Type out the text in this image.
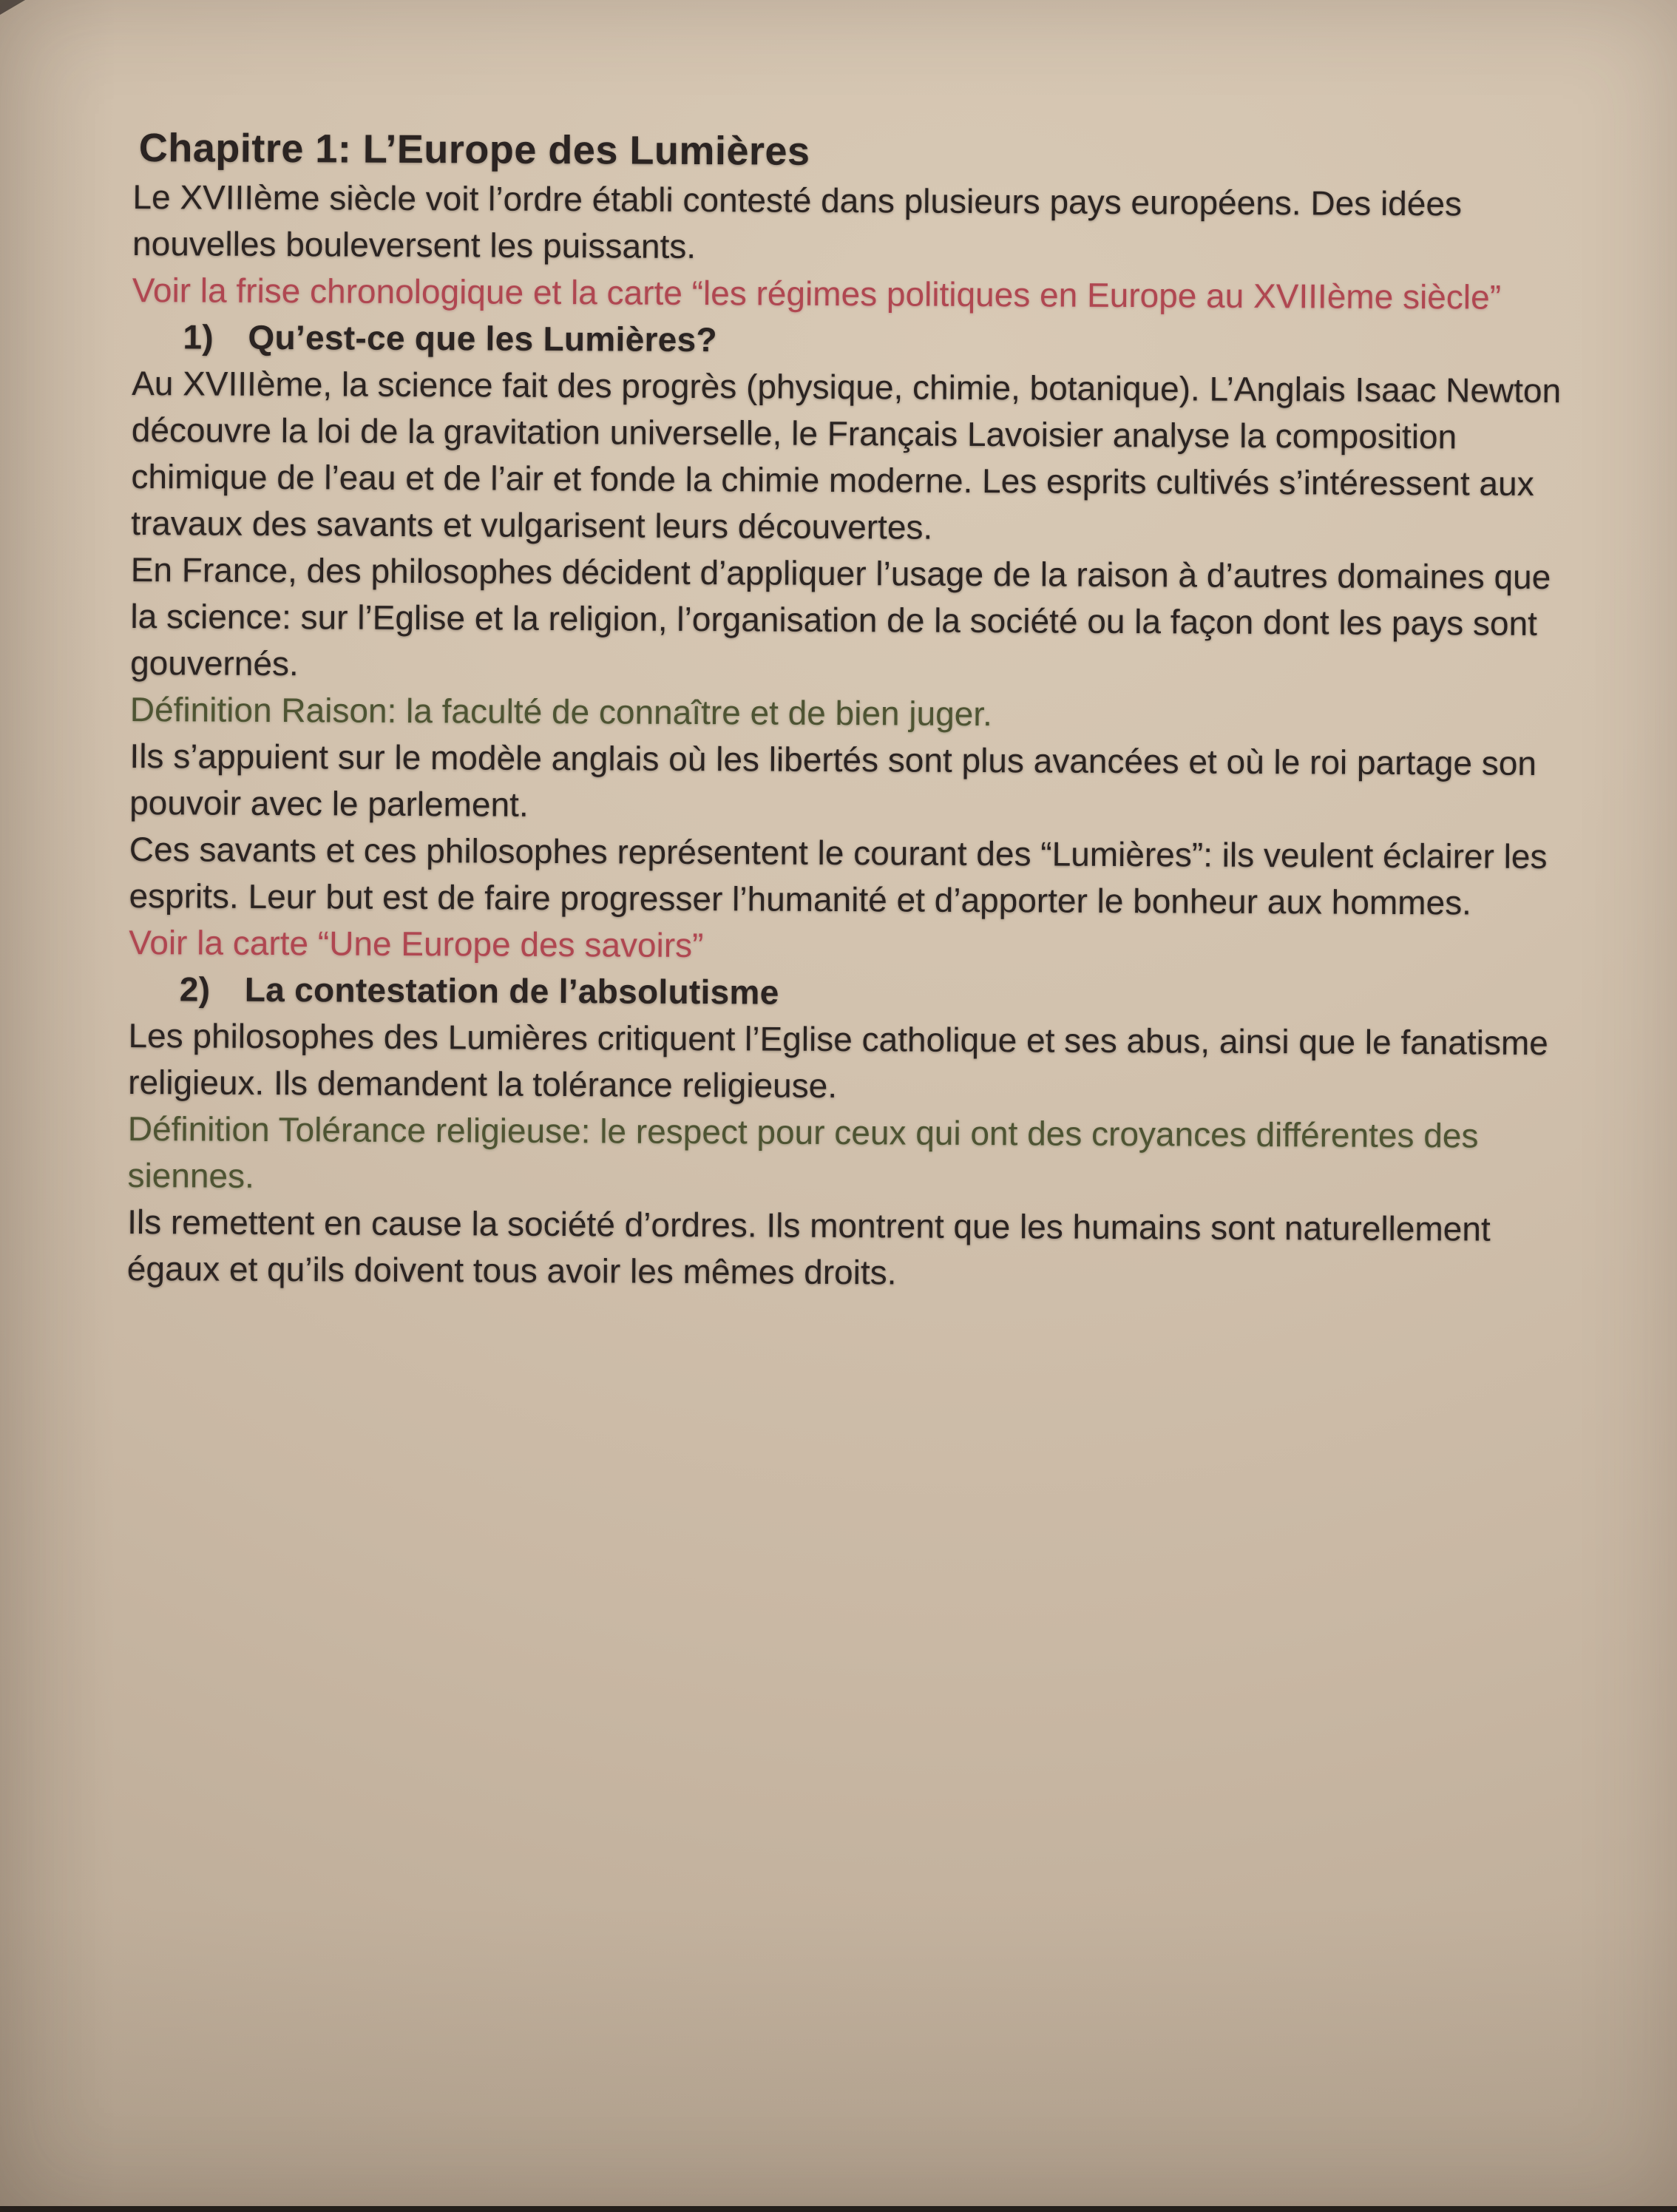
Chapitre 1: L’Europe des Lumières
Le XVIIIème siècle voit l’ordre établi contesté dans plusieurs pays européens. Des idées nouvelles bouleversent les puissants.
Voir la frise chronologique et la carte “les régimes politiques en Europe au XVIIIème siècle”
1)	Qu’est-ce que les Lumières?
Au XVIIIème, la science fait des progrès (physique, chimie, botanique). L’Anglais Isaac Newton découvre la loi de la gravitation universelle, le Français Lavoisier analyse la composition chimique de l’eau et de l’air et fonde la chimie moderne. Les esprits cultivés s’intéressent aux travaux des savants et vulgarisent leurs découvertes.
En France, des philosophes décident d’appliquer l’usage de la raison à d’autres domaines que la science: sur l’Eglise et la religion, l’organisation de la société ou la façon dont les pays sont gouvernés.
Définition Raison: la faculté de connaître et de bien juger.
Ils s’appuient sur le modèle anglais où les libertés sont plus avancées et où le roi partage son pouvoir avec le parlement.
Ces savants et ces philosophes représentent le courant des “Lumières”: ils veulent éclairer les esprits. Leur but est de faire progresser l’humanité et d’apporter le bonheur aux hommes.
Voir la carte “Une Europe des savoirs”
2)	La contestation de l’absolutisme
Les philosophes des Lumières critiquent l’Eglise catholique et ses abus, ainsi que le fanatisme religieux. Ils demandent la tolérance religieuse.
Définition Tolérance religieuse: le respect pour ceux qui ont des croyances différentes des siennes.
Ils remettent en cause la société d’ordres. Ils montrent que les humains sont naturellement égaux et qu’ils doivent tous avoir les mêmes droits.
